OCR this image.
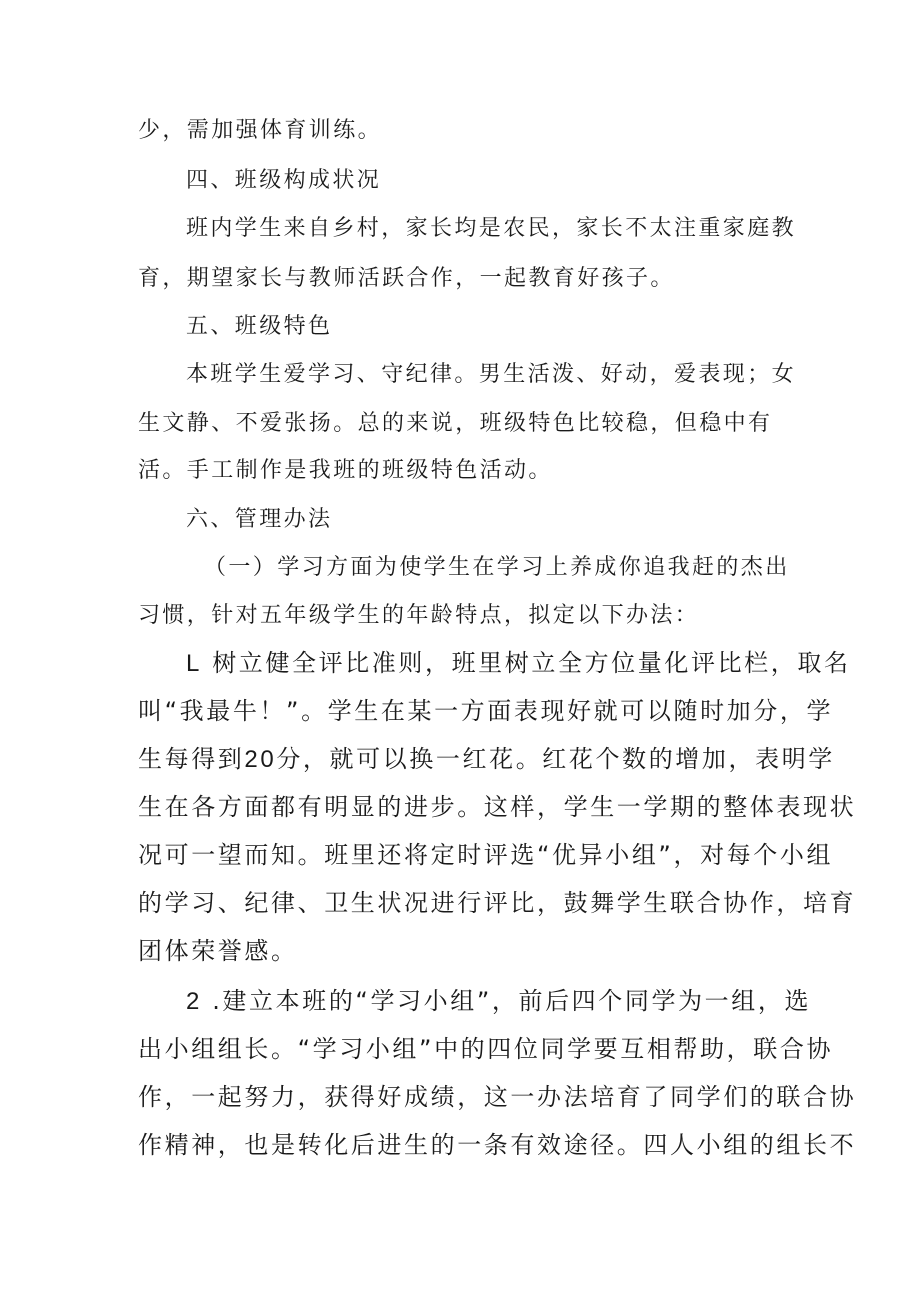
少，需加强体育训练。
四、班级构成状况
班内学生来自乡村，家长均是农民，家长不太注重家庭教
育，期望家长与教师活跃合作，一起教育好孩子。
五、班级特色
本班学生爱学习、守纪律。男生活泼、好动，爱表现；女
生文静、不爱张扬。总的来说，班级特色比较稳，但稳中有
活。手工制作是我班的班级特色活动。
六、管理办法
（一）学习方面为使学生在学习上养成你追我赶的杰出
习惯，针对五年级学生的年龄特点，拟定以下办法：
L 树立健全评比准则，班里树立全方位量化评比栏，取名
叫“我最牛！”。学生在某一方面表现好就可以随时加分，学
生每得到20分，就可以换一红花。红花个数的增加，表明学
生在各方面都有明显的进步。这样，学生一学期的整体表现状
况可一望而知。班里还将定时评选“优异小组”，对每个小组
的学习、纪律、卫生状况进行评比，鼓舞学生联合协作，培育
团体荣誉感。
2 .建立本班的“学习小组”，前后四个同学为一组，选
出小组组长。“学习小组”中的四位同学要互相帮助，联合协
作，一起努力，获得好成绩，这一办法培育了同学们的联合协
作精神，也是转化后进生的一条有效途径。四人小组的组长不
